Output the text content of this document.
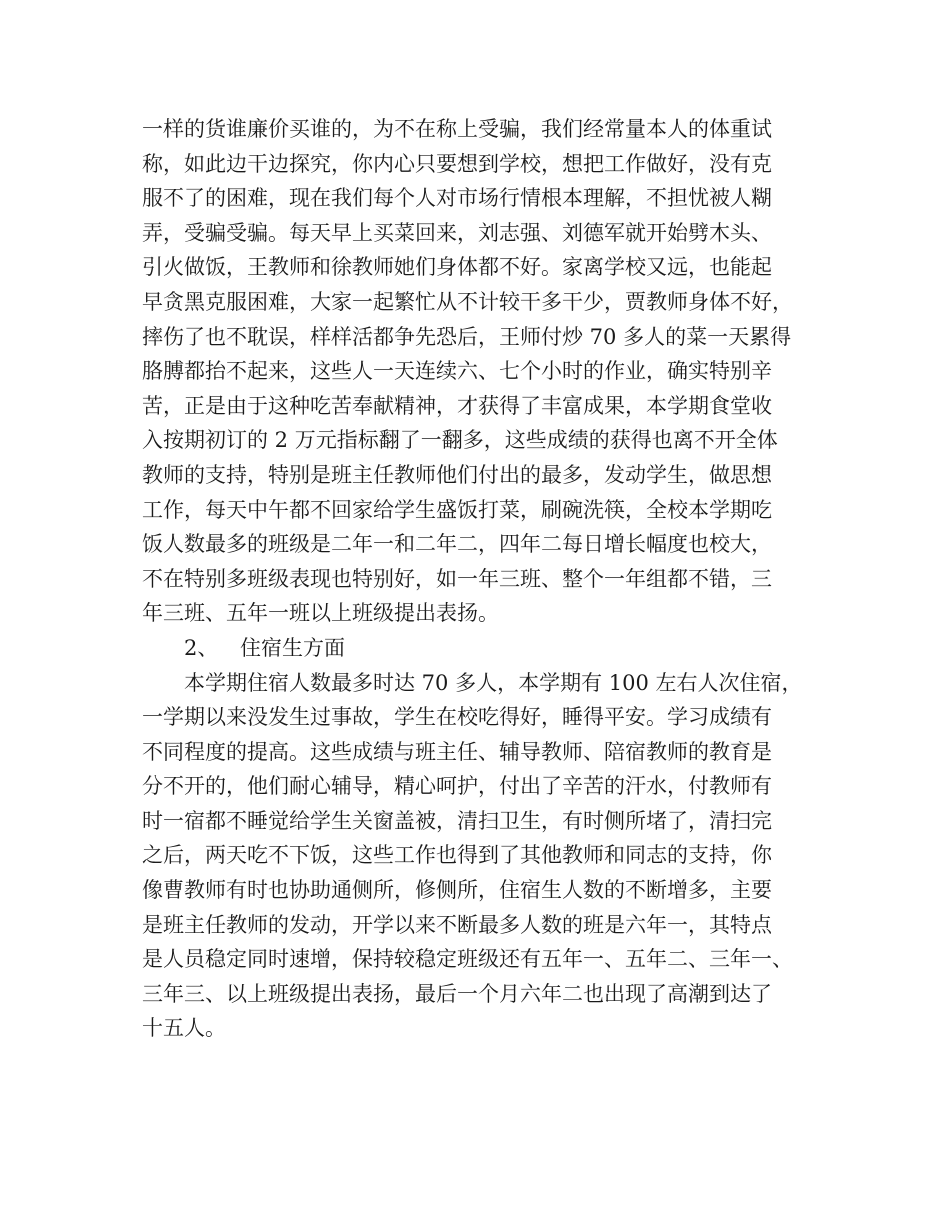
一样的货谁廉价买谁的，为不在称上受骗，我们经常量本人的体重试
称，如此边干边探究，你内心只要想到学校，想把工作做好，没有克
服不了的困难，现在我们每个人对市场行情根本理解，不担忧被人糊
弄，受骗受骗。每天早上买菜回来，刘志强、刘德军就开始劈木头、
引火做饭，王教师和徐教师她们身体都不好。家离学校又远，也能起
早贪黑克服困难，大家一起繁忙从不计较干多干少，贾教师身体不好，
摔伤了也不耽误，样样活都争先恐后，王师付炒 70 多人的菜一天累得
胳膊都抬不起来，这些人一天连续六、七个小时的作业，确实特别辛
苦，正是由于这种吃苦奉献精神，才获得了丰富成果，本学期食堂收
入按期初订的 2 万元指标翻了一翻多，这些成绩的获得也离不开全体
教师的支持，特别是班主任教师他们付出的最多，发动学生，做思想
工作，每天中午都不回家给学生盛饭打菜，刷碗洗筷，全校本学期吃
饭人数最多的班级是二年一和二年二，四年二每日增长幅度也校大，
不在特别多班级表现也特别好，如一年三班、整个一年组都不错，三
年三班、五年一班以上班级提出表扬。
2、 住宿生方面
本学期住宿人数最多时达 70 多人，本学期有 100 左右人次住宿，
一学期以来没发生过事故，学生在校吃得好，睡得平安。学习成绩有
不同程度的提高。这些成绩与班主任、辅导教师、陪宿教师的教育是
分不开的，他们耐心辅导，精心呵护，付出了辛苦的汗水，付教师有
时一宿都不睡觉给学生关窗盖被，清扫卫生，有时侧所堵了，清扫完
之后，两天吃不下饭，这些工作也得到了其他教师和同志的支持，你
像曹教师有时也协助通侧所，修侧所，住宿生人数的不断增多，主要
是班主任教师的发动，开学以来不断最多人数的班是六年一，其特点
是人员稳定同时速增，保持较稳定班级还有五年一、五年二、三年一、
三年三、以上班级提出表扬，最后一个月六年二也出现了高潮到达了
十五人。
